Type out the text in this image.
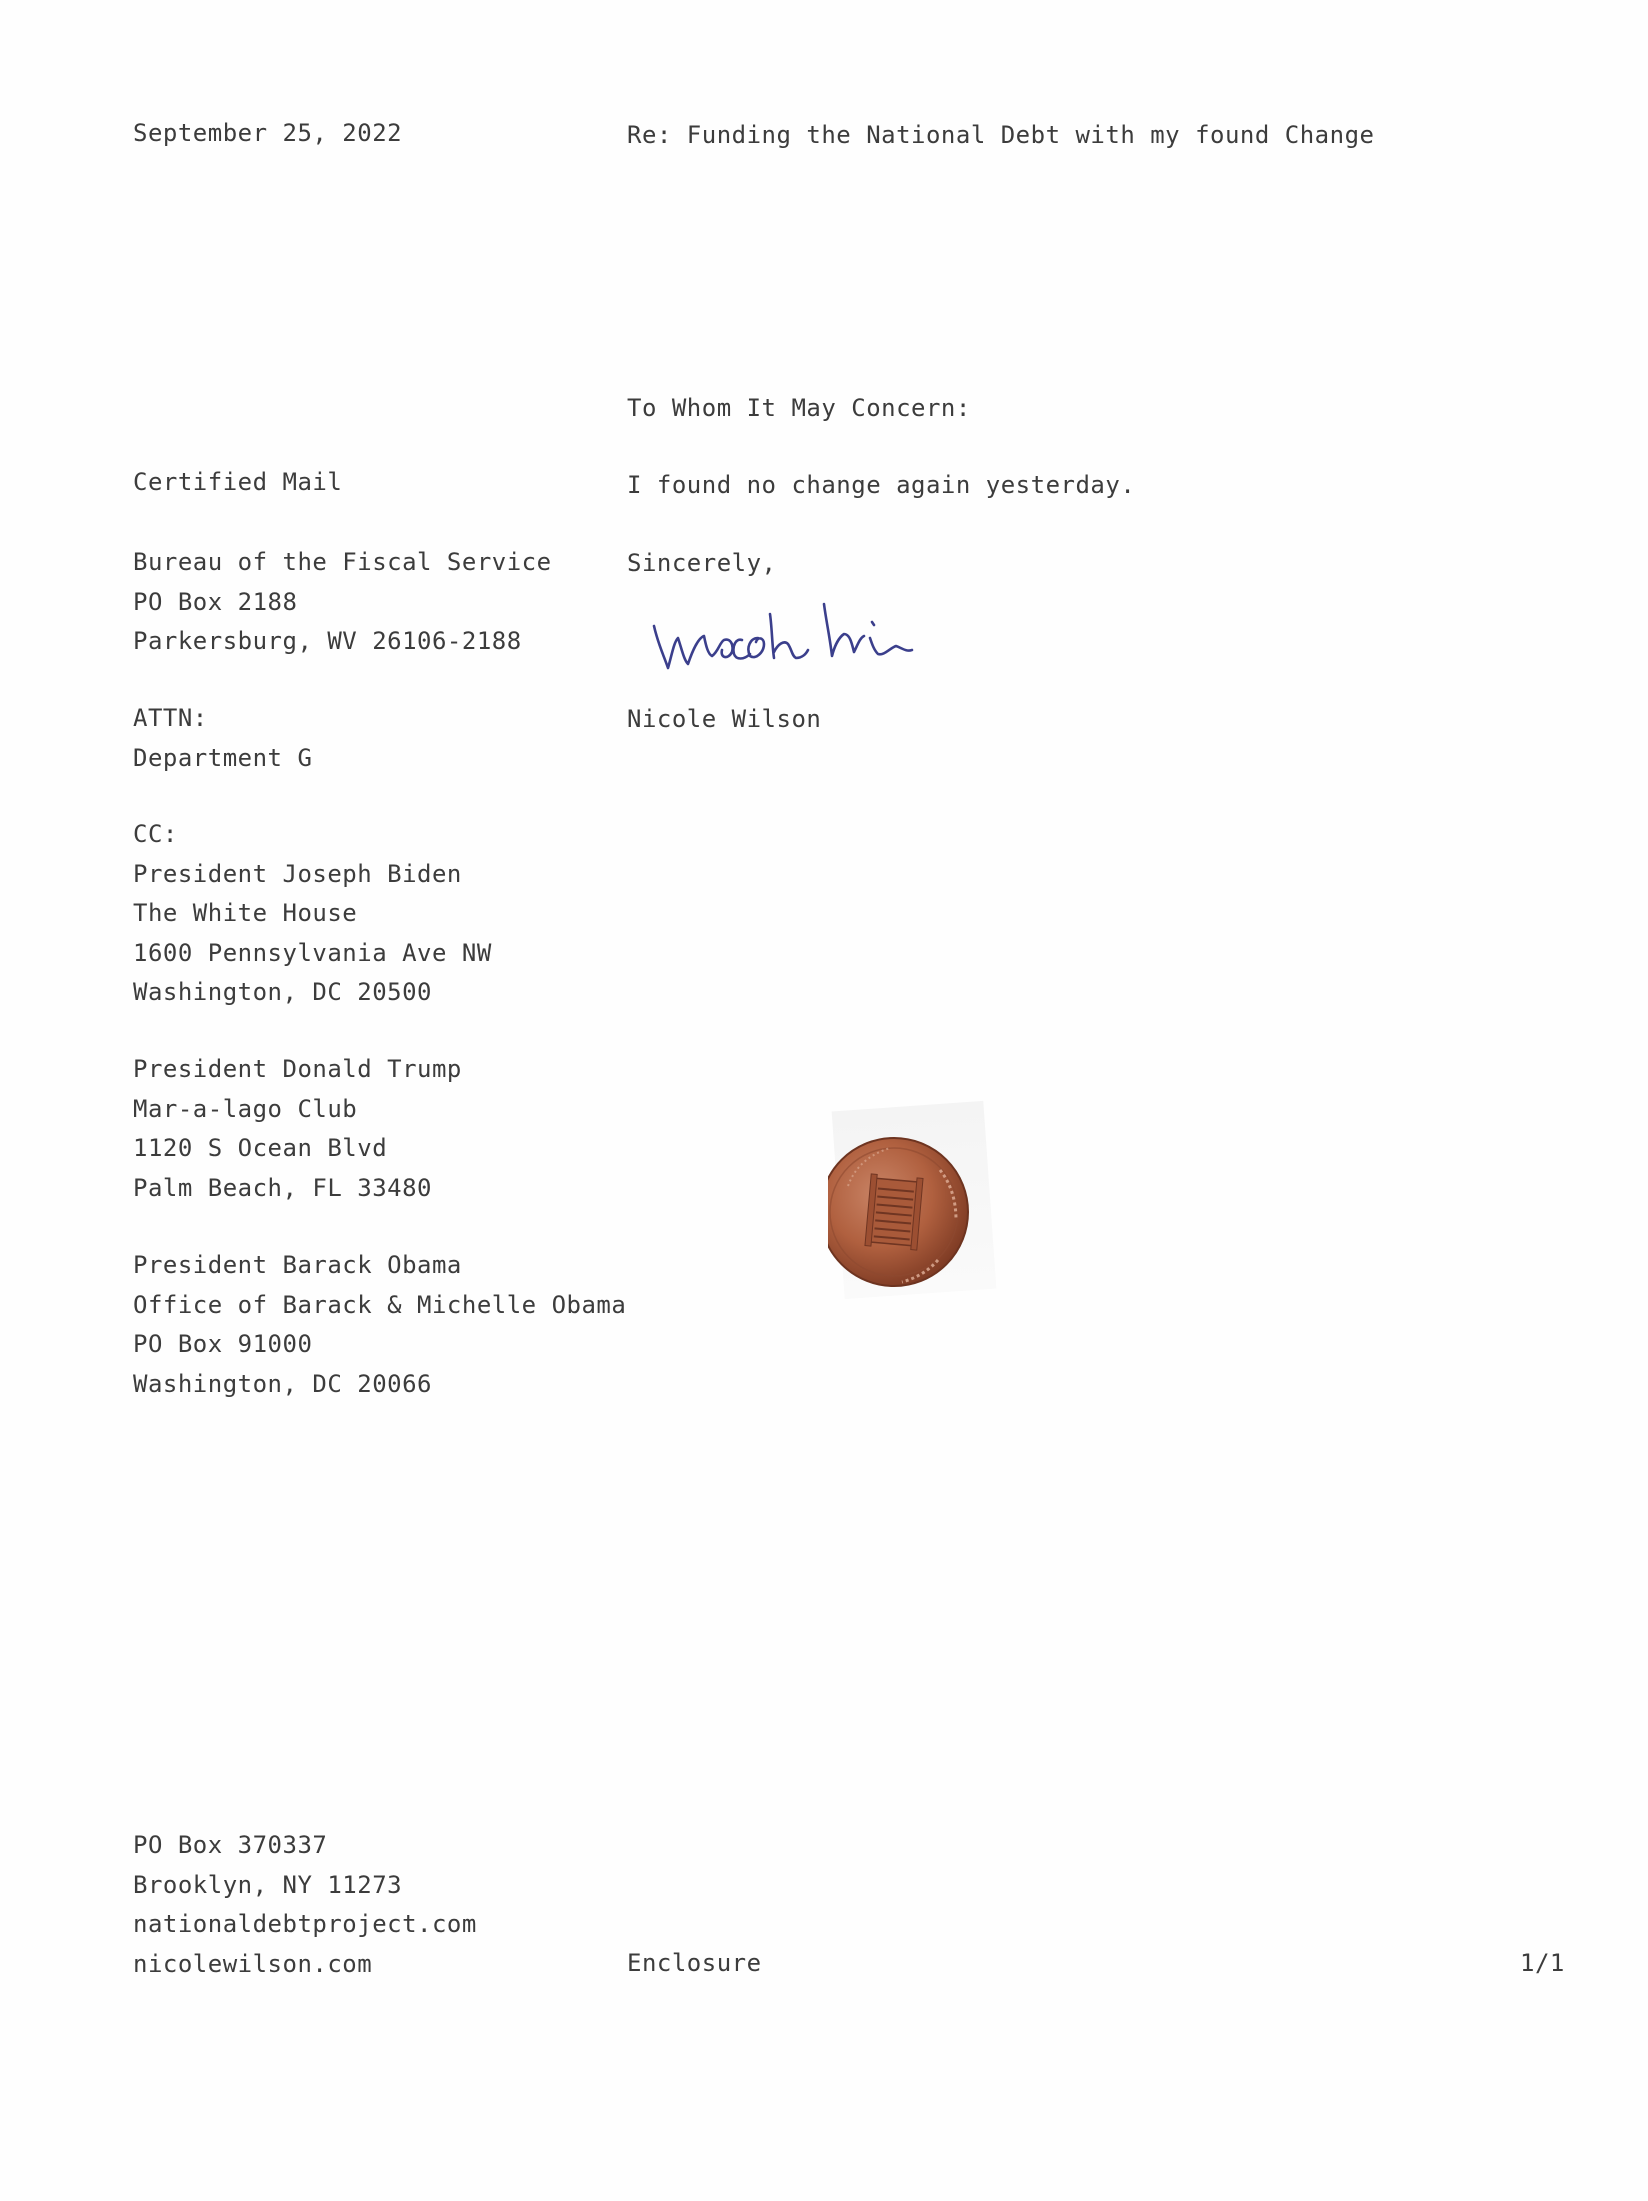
September 25, 2022	Re: Funding the National Debt with my found Change
To Whom It May Concern:
I found no change again yesterday.
Sincerely,
nicole w
Nicole Wilson
Certified Mail
Bureau of the Fiscal Service
PO Box 2188
Parkersburg, WV 26106-2188
ATTN:
Department G
CC:
President Joseph Biden
The White House
1600 Pennsylvania Ave NW
Washington, DC 20500
President Donald Trump
Mar-a-lago Club
1120 S Ocean Blvd
Palm Beach, FL 33480
President Barack Obama
Office of Barack & Michelle Obama
PO Box 91000
Washington, DC 20066
PO Box 370337
Brooklyn, NY 11273
nationaldebtproject.com
nicolewilson.com	Enclosure	1/1
